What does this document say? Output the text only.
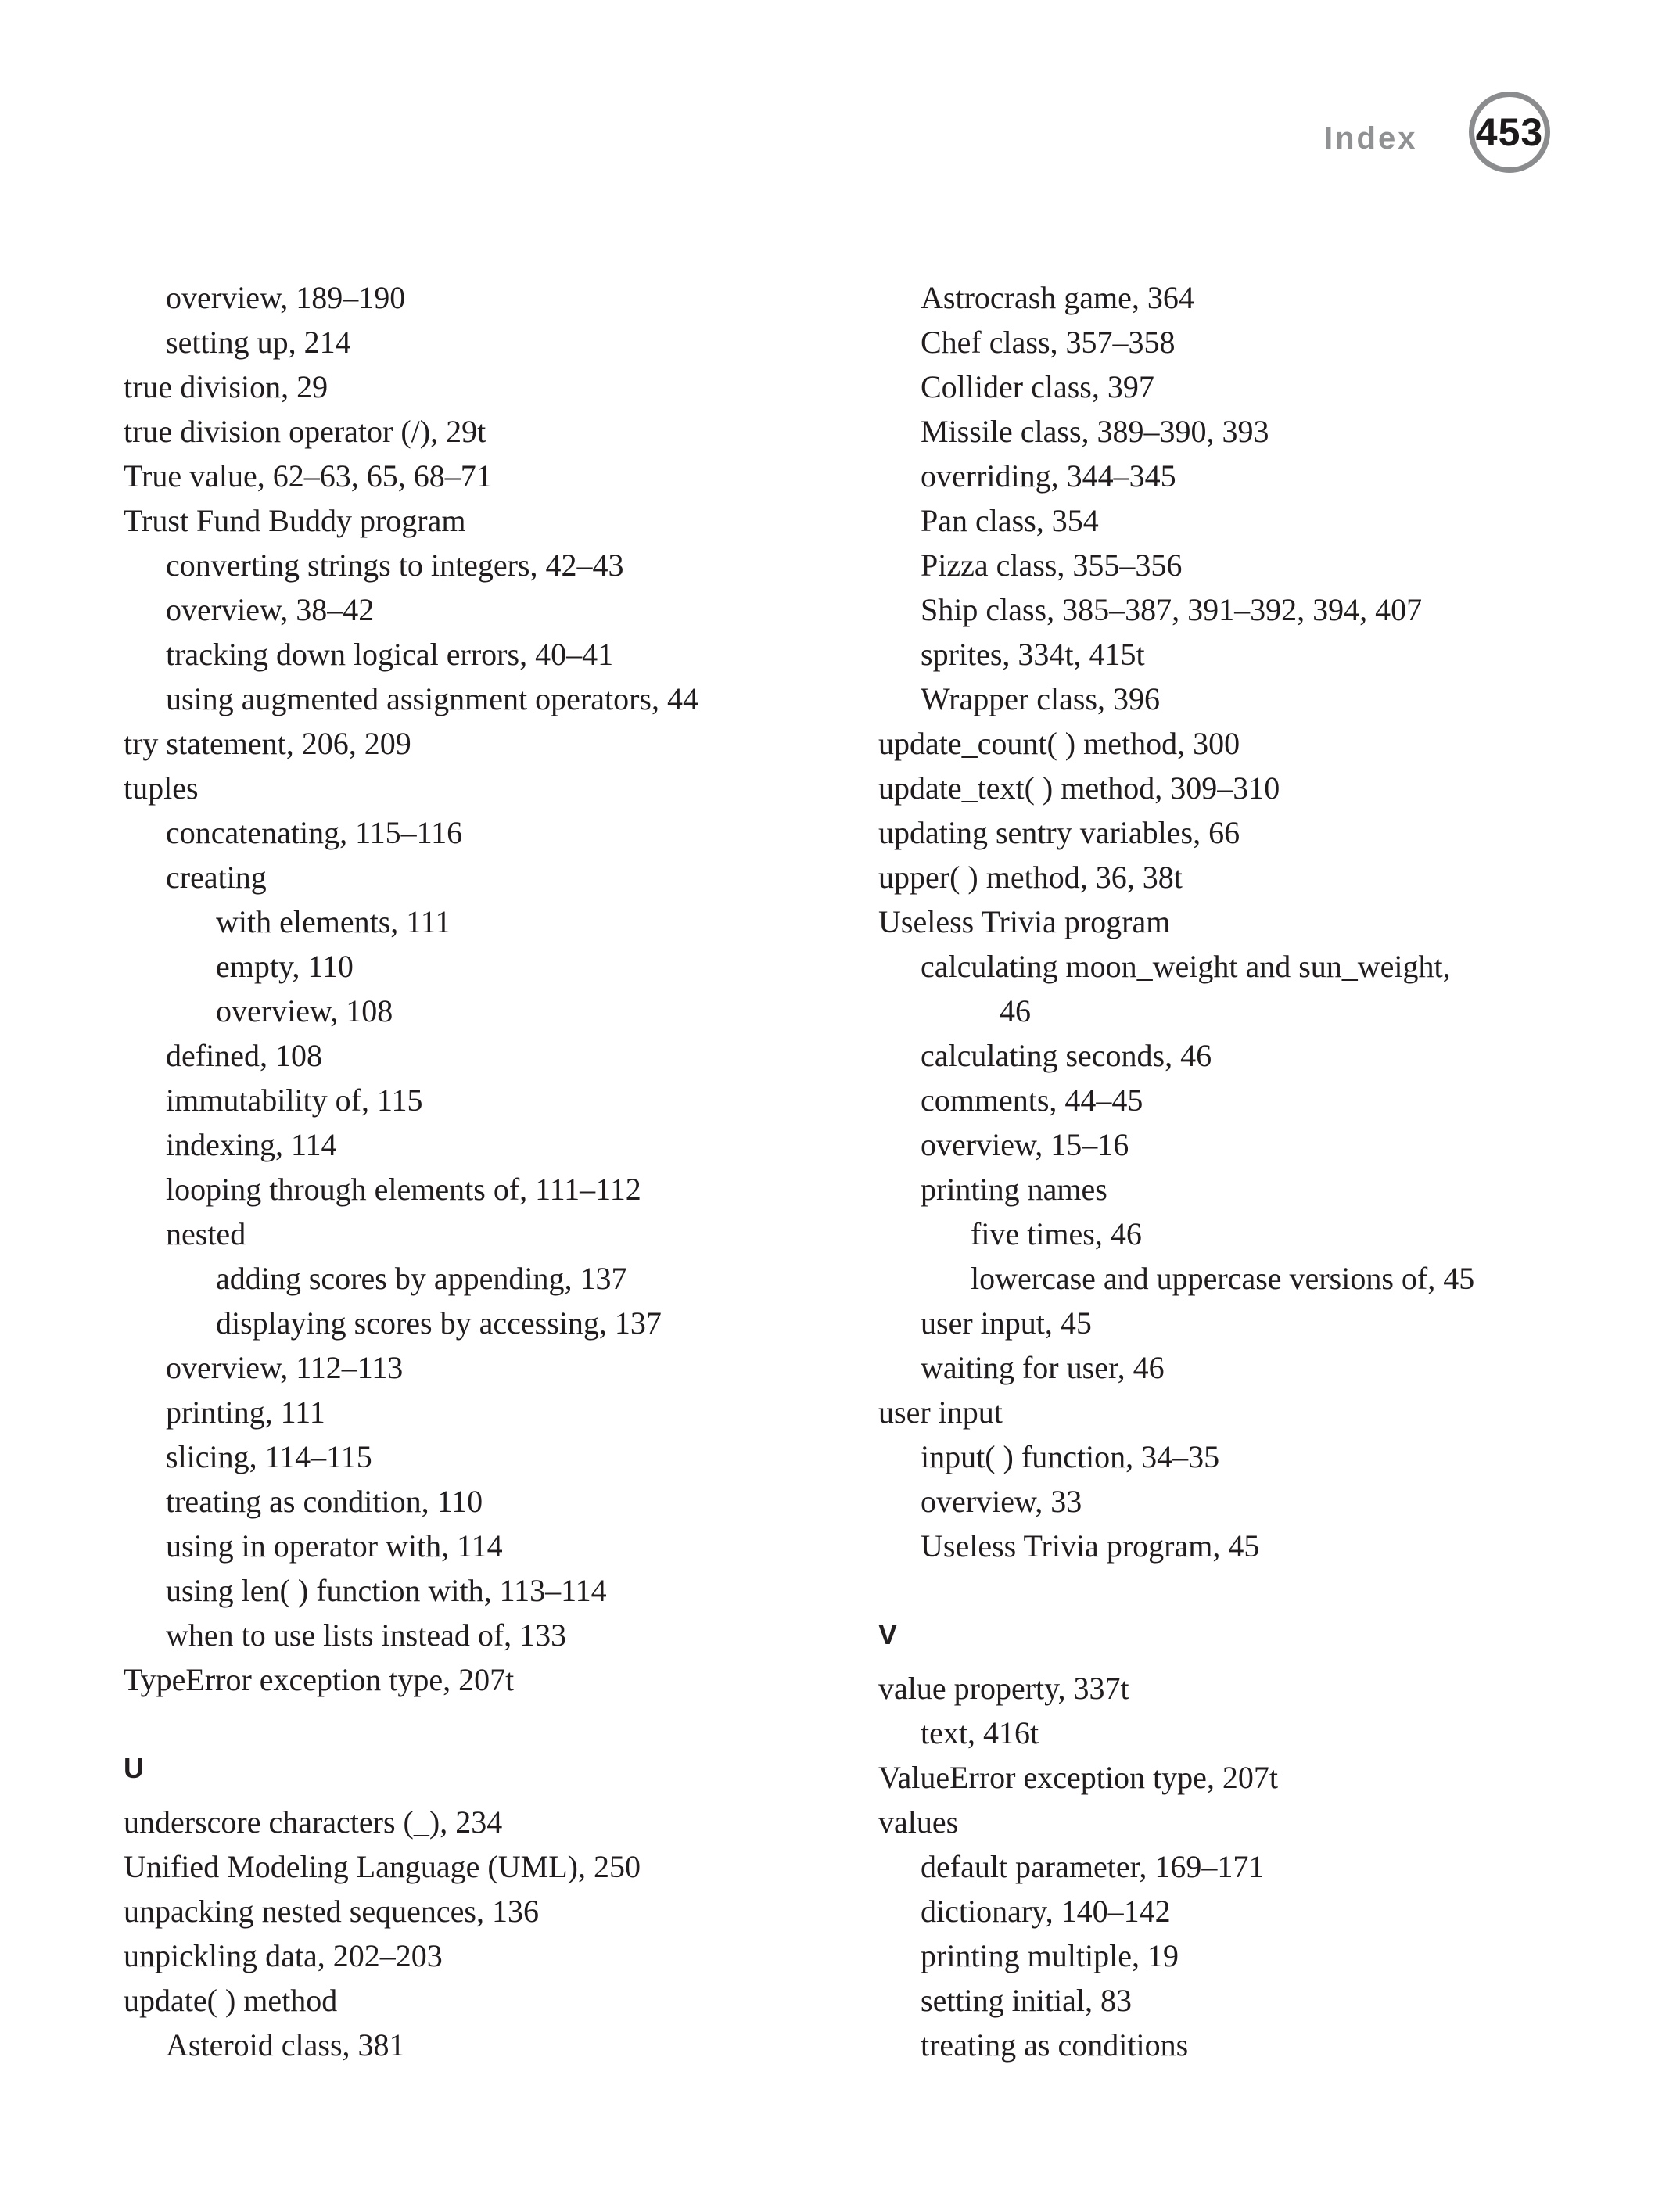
Index 453
overview, 189–190
setting up, 214
true division, 29
true division operator (/), 29t
True value, 62–63, 65, 68–71
Trust Fund Buddy program
converting strings to integers, 42–43
overview, 38–42
tracking down logical errors, 40–41
using augmented assignment operators, 44
try statement, 206, 209
tuples
concatenating, 115–116
creating
with elements, 111
empty, 110
overview, 108
defined, 108
immutability of, 115
indexing, 114
looping through elements of, 111–112
nested
adding scores by appending, 137
displaying scores by accessing, 137
overview, 112–113
printing, 111
slicing, 114–115
treating as condition, 110
using in operator with, 114
using len( ) function with, 113–114
when to use lists instead of, 133
TypeError exception type, 207t
U
underscore characters (_), 234
Unified Modeling Language (UML), 250
unpacking nested sequences, 136
unpickling data, 202–203
update( ) method
Asteroid class, 381
Astrocrash game, 364
Chef class, 357–358
Collider class, 397
Missile class, 389–390, 393
overriding, 344–345
Pan class, 354
Pizza class, 355–356
Ship class, 385–387, 391–392, 394, 407
sprites, 334t, 415t
Wrapper class, 396
update_count( ) method, 300
update_text( ) method, 309–310
updating sentry variables, 66
upper( ) method, 36, 38t
Useless Trivia program
calculating moon_weight and sun_weight,
46
calculating seconds, 46
comments, 44–45
overview, 15–16
printing names
five times, 46
lowercase and uppercase versions of, 45
user input, 45
waiting for user, 46
user input
input( ) function, 34–35
overview, 33
Useless Trivia program, 45
V
value property, 337t
text, 416t
ValueError exception type, 207t
values
default parameter, 169–171
dictionary, 140–142
printing multiple, 19
setting initial, 83
treating as conditions
